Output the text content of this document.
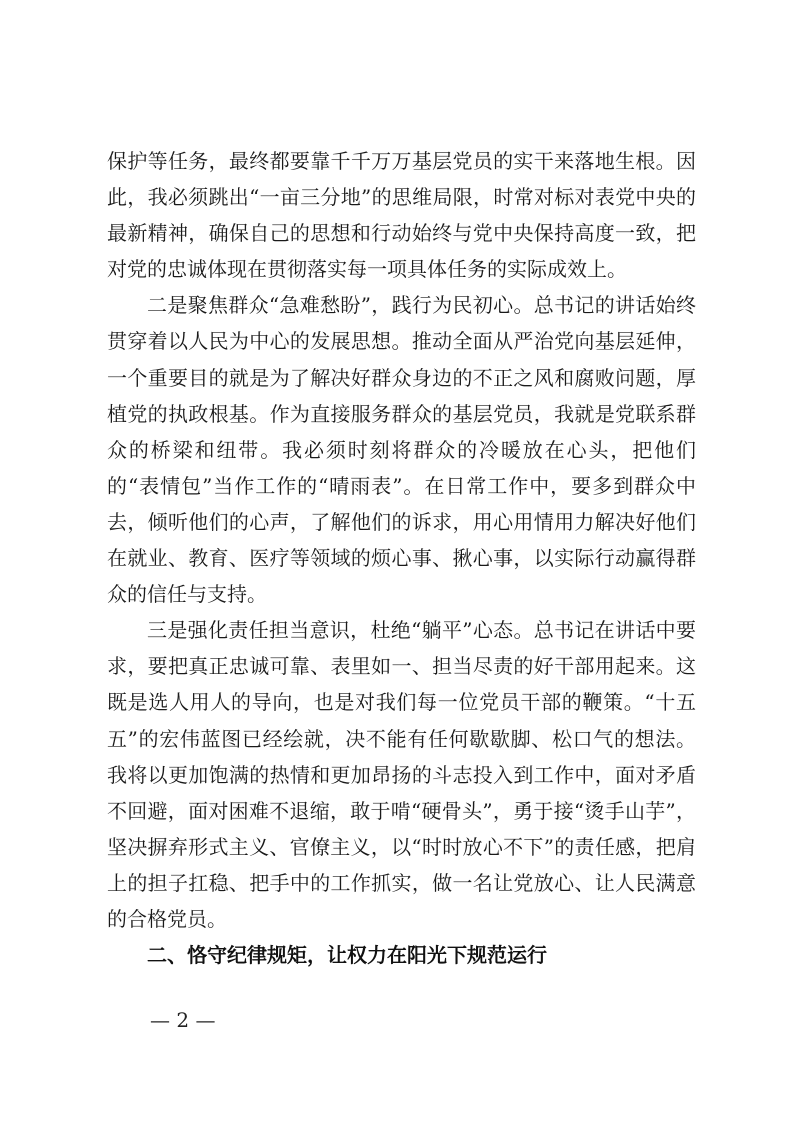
保护等任务，最终都要靠千千万万基层党员的实干来落地生根。因此，我必须跳出“一亩三分地”的思维局限，时常对标对表党中央的最新精神，确保自己的思想和行动始终与党中央保持高度一致，把对党的忠诚体现在贯彻落实每一项具体任务的实际成效上。

二是聚焦群众“急难愁盼”，践行为民初心。总书记的讲话始终贯穿着以人民为中心的发展思想。推动全面从严治党向基层延伸，一个重要目的就是为了解决好群众身边的不正之风和腐败问题，厚植党的执政根基。作为直接服务群众的基层党员，我就是党联系群众的桥梁和纽带。我必须时刻将群众的冷暖放在心头，把他们的“表情包”当作工作的“晴雨表”。在日常工作中，要多到群众中去，倾听他们的心声，了解他们的诉求，用心用情用力解决好他们在就业、教育、医疗等领域的烦心事、揪心事，以实际行动赢得群众的信任与支持。

三是强化责任担当意识，杜绝“躺平”心态。总书记在讲话中要求，要把真正忠诚可靠、表里如一、担当尽责的好干部用起来。这既是选人用人的导向，也是对我们每一位党员干部的鞭策。“十五五”的宏伟蓝图已经绘就，决不能有任何歇歇脚、松口气的想法。我将以更加饱满的热情和更加昂扬的斗志投入到工作中，面对矛盾不回避，面对困难不退缩，敢于啃“硬骨头”，勇于接“烫手山芋”，坚决摒弃形式主义、官僚主义，以“时时放心不下”的责任感，把肩上的担子扛稳、把手中的工作抓实，做一名让党放心、让人民满意的合格党员。

二、恪守纪律规矩，让权力在阳光下规范运行

— 2 —
